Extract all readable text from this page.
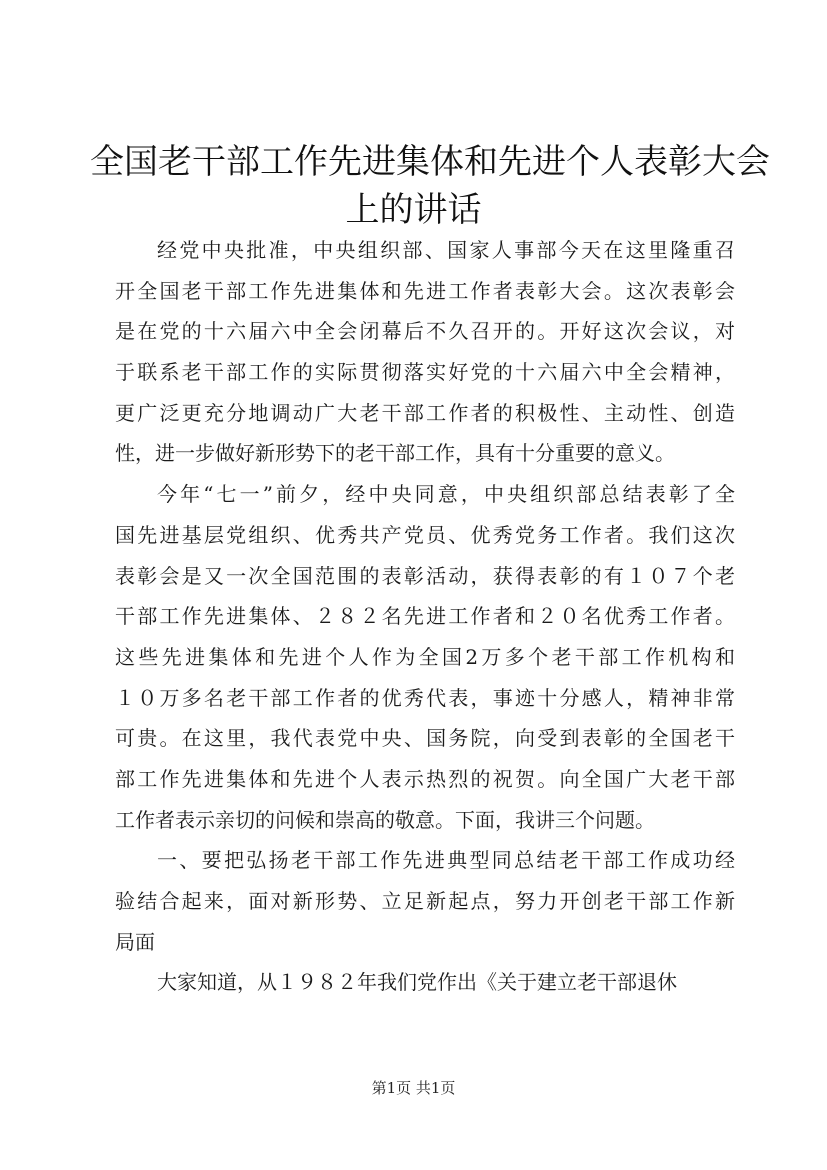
全国老干部工作先进集体和先进个人表彰大会
上的讲话
经党中央批准，中央组织部、国家人事部今天在这里隆重召
开全国老干部工作先进集体和先进工作者表彰大会。这次表彰会
是在党的十六届六中全会闭幕后不久召开的。开好这次会议，对
于联系老干部工作的实际贯彻落实好党的十六届六中全会精神，
更广泛更充分地调动广大老干部工作者的积极性、主动性、创造
性，进一步做好新形势下的老干部工作，具有十分重要的意义。
今年“七一”前夕，经中央同意，中央组织部总结表彰了全
国先进基层党组织、优秀共产党员、优秀党务工作者。我们这次
表彰会是又一次全国范围的表彰活动，获得表彰的有１０７个老
干部工作先进集体、２８２名先进工作者和２０名优秀工作者。
这些先进集体和先进个人作为全国2万多个老干部工作机构和
１０万多名老干部工作者的优秀代表，事迹十分感人，精神非常
可贵。在这里，我代表党中央、国务院，向受到表彰的全国老干
部工作先进集体和先进个人表示热烈的祝贺。向全国广大老干部
工作者表示亲切的问候和崇高的敬意。下面，我讲三个问题。
一、要把弘扬老干部工作先进典型同总结老干部工作成功经
验结合起来，面对新形势、立足新起点，努力开创老干部工作新
局面
大家知道，从１９８２年我们党作出《关于建立老干部退休
第1页 共1页
